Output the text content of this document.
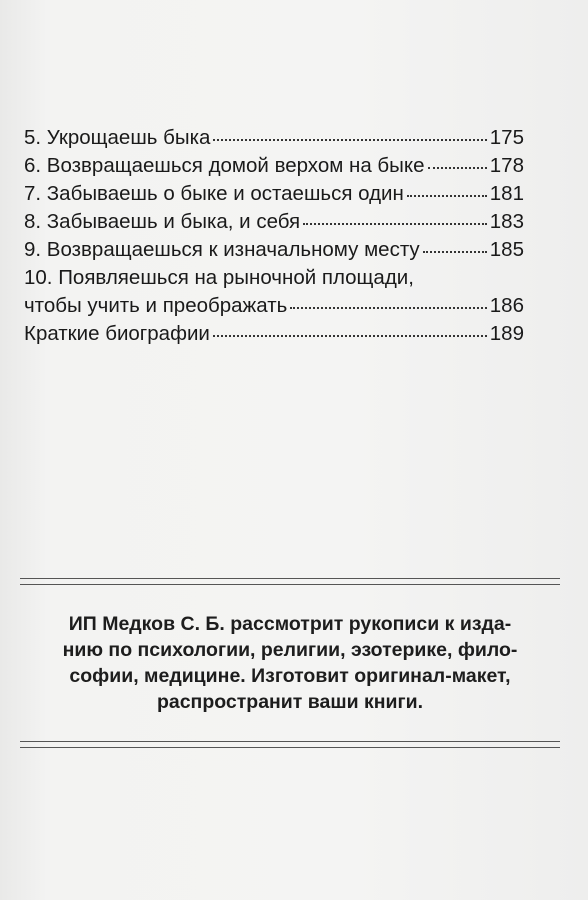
5. Укрощаешь быка	175
6. Возвращаешься домой верхом на быке	178
7. Забываешь о быке и остаешься один	181
8. Забываешь и быка, и себя	183
9. Возвращаешься к изначальному месту	185
10. Появляешься на рыночной площади,
чтобы учить и преображать	186
Краткие биографии	189
ИП Медков С. Б. рассмотрит рукописи к изда-
нию по психологии, религии, эзотерике, фило-
софии, медицине. Изготовит оригинал-макет,
распространит ваши книги.
